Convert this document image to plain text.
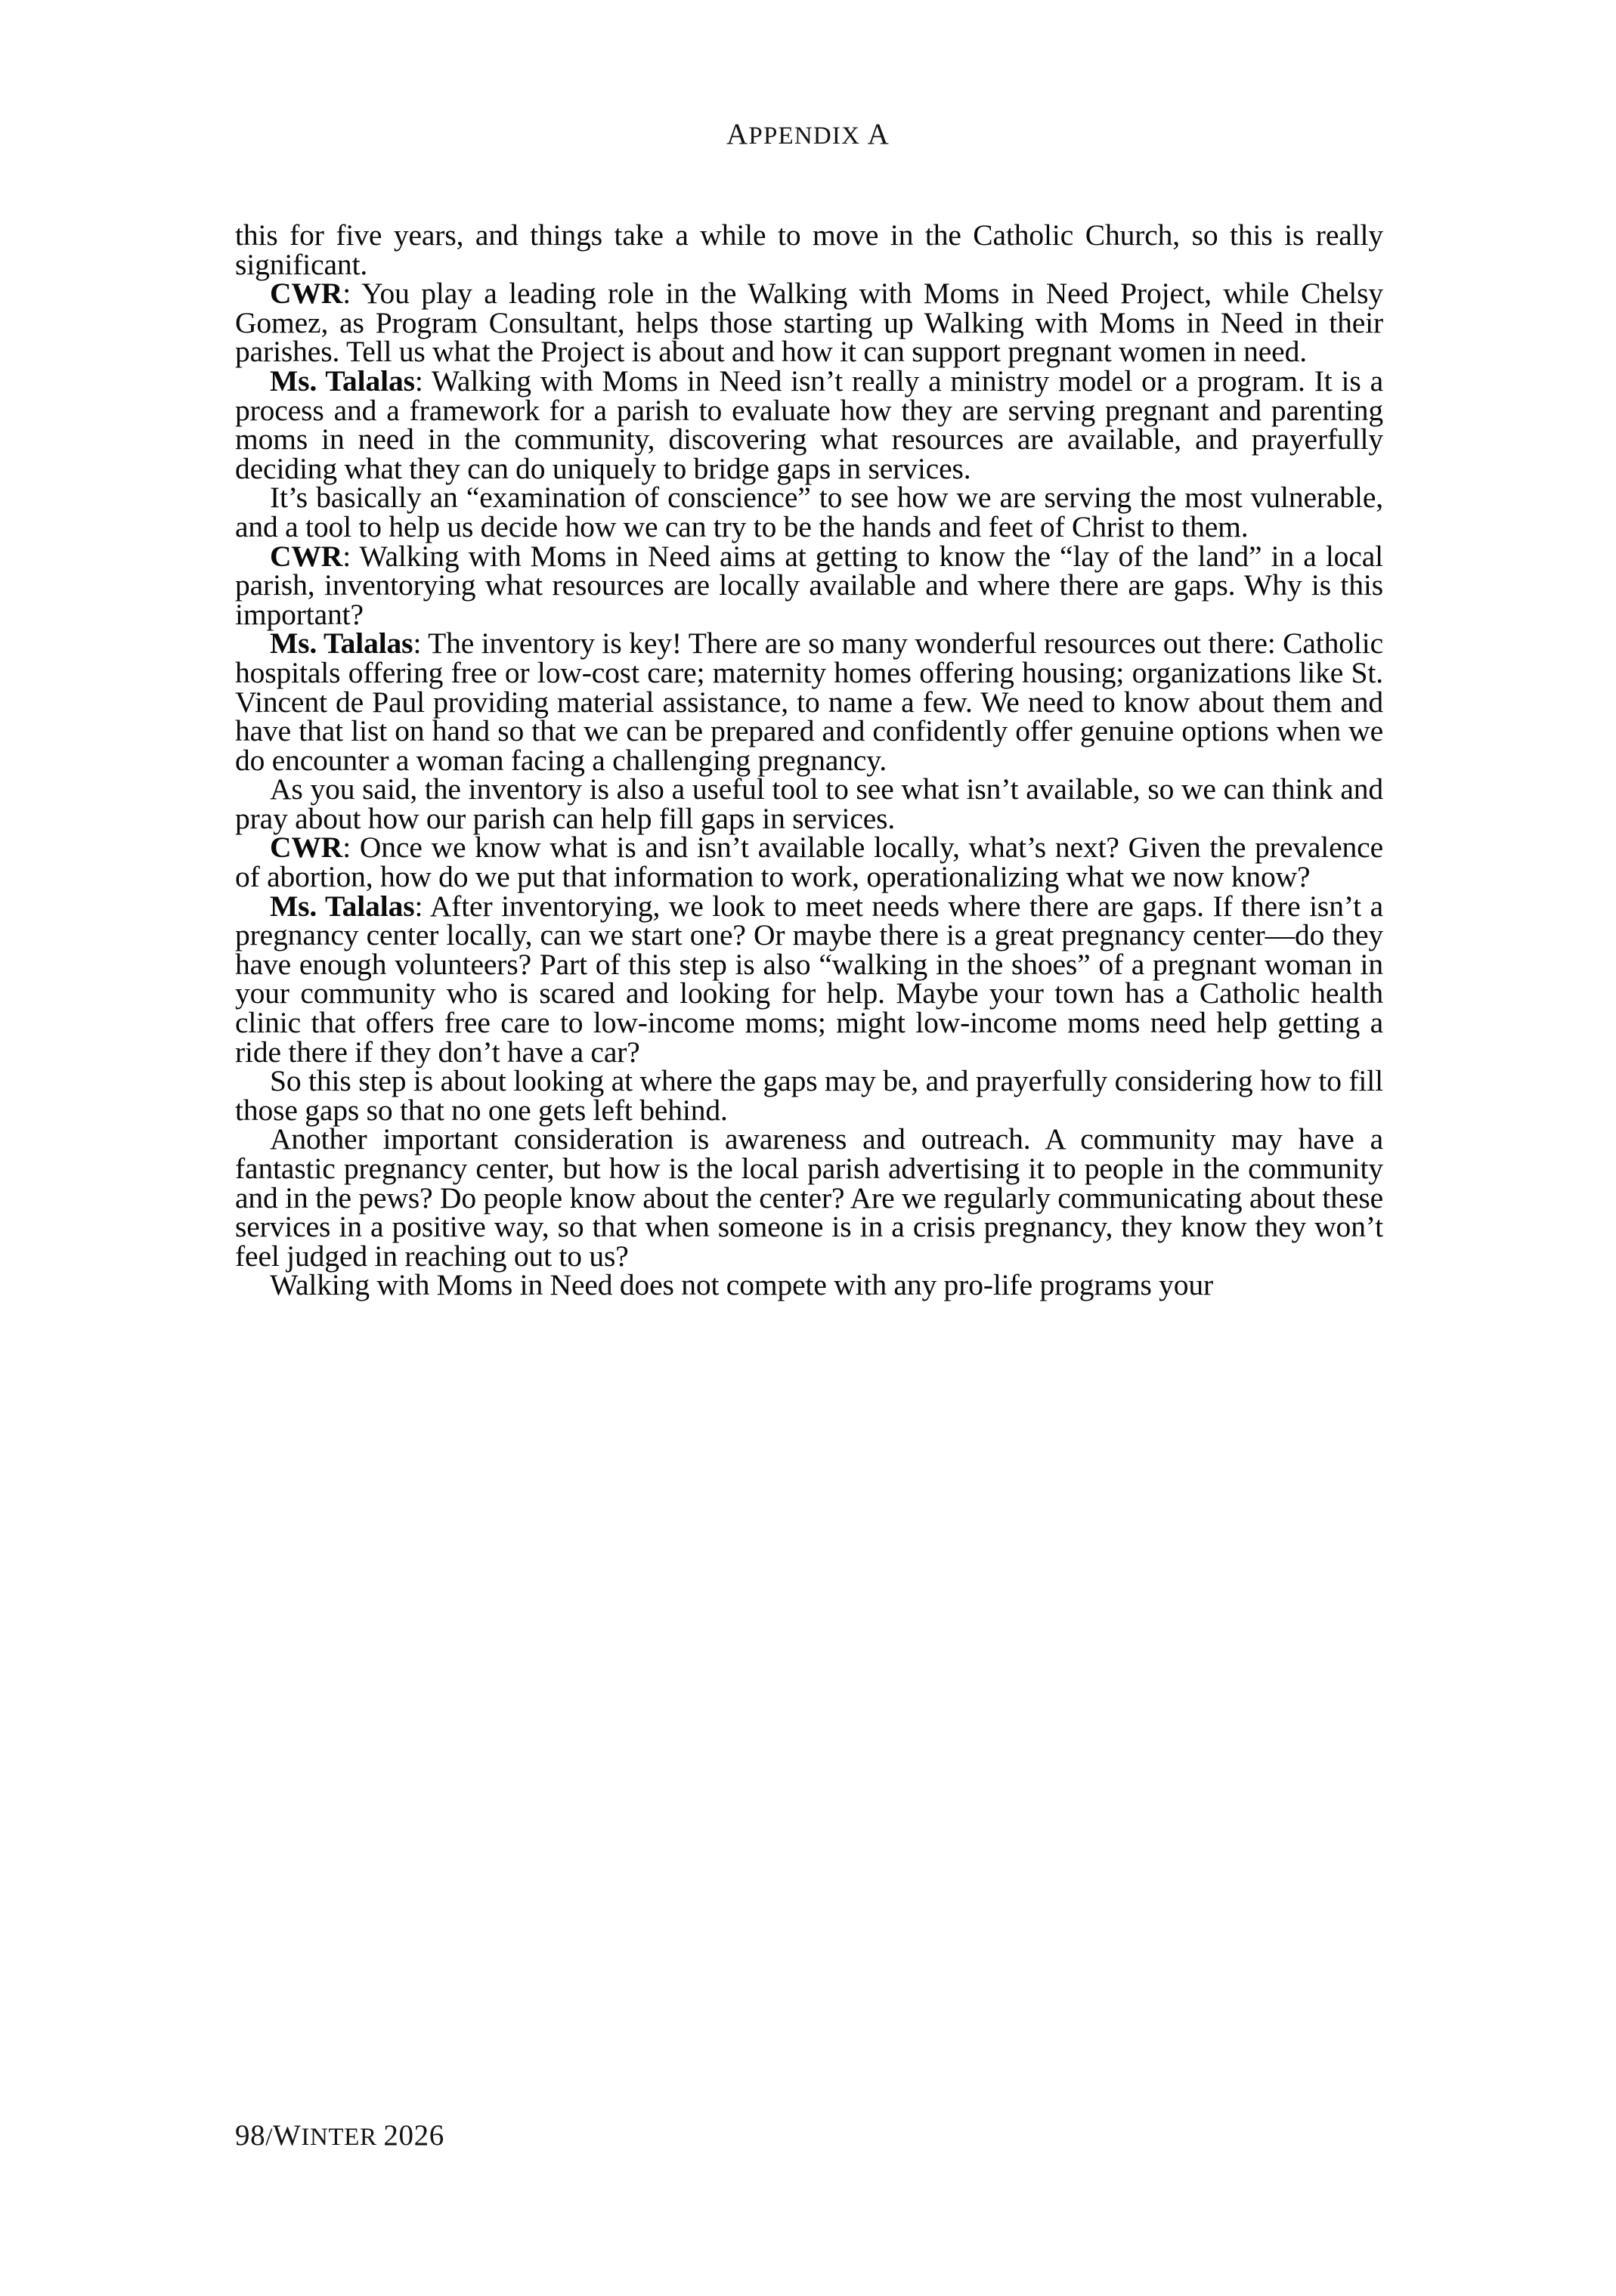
APPENDIX A

this for five years, and things take a while to move in the Catholic Church, so this is really significant.

CWR: You play a leading role in the Walking with Moms in Need Project, while Chelsy Gomez, as Program Consultant, helps those starting up Walking with Moms in Need in their parishes. Tell us what the Project is about and how it can support pregnant women in need.

Ms. Talalas: Walking with Moms in Need isn’t really a ministry model or a program. It is a process and a framework for a parish to evaluate how they are serving pregnant and parenting moms in need in the community, discovering what resources are available, and prayerfully deciding what they can do uniquely to bridge gaps in services.

It’s basically an “examination of conscience” to see how we are serving the most vulnerable, and a tool to help us decide how we can try to be the hands and feet of Christ to them.

CWR: Walking with Moms in Need aims at getting to know the “lay of the land” in a local parish, inventorying what resources are locally available and where there are gaps. Why is this important?

Ms. Talalas: The inventory is key! There are so many wonderful resources out there: Catholic hospitals offering free or low-cost care; maternity homes offering housing; organizations like St. Vincent de Paul providing material assistance, to name a few. We need to know about them and have that list on hand so that we can be prepared and confidently offer genuine options when we do encounter a woman facing a challenging pregnancy.

As you said, the inventory is also a useful tool to see what isn’t available, so we can think and pray about how our parish can help fill gaps in services.

CWR: Once we know what is and isn’t available locally, what’s next? Given the prevalence of abortion, how do we put that information to work, operationalizing what we now know?

Ms. Talalas: After inventorying, we look to meet needs where there are gaps. If there isn’t a pregnancy center locally, can we start one? Or maybe there is a great pregnancy center—do they have enough volunteers? Part of this step is also “walking in the shoes” of a pregnant woman in your community who is scared and looking for help. Maybe your town has a Catholic health clinic that offers free care to low-income moms; might low-income moms need help getting a ride there if they don’t have a car?

So this step is about looking at where the gaps may be, and prayerfully considering how to fill those gaps so that no one gets left behind.

Another important consideration is awareness and outreach. A community may have a fantastic pregnancy center, but how is the local parish advertising it to people in the community and in the pews? Do people know about the center? Are we regularly communicating about these services in a positive way, so that when someone is in a crisis pregnancy, they know they won’t feel judged in reaching out to us?

Walking with Moms in Need does not compete with any pro-life programs your

98/WINTER 2026
